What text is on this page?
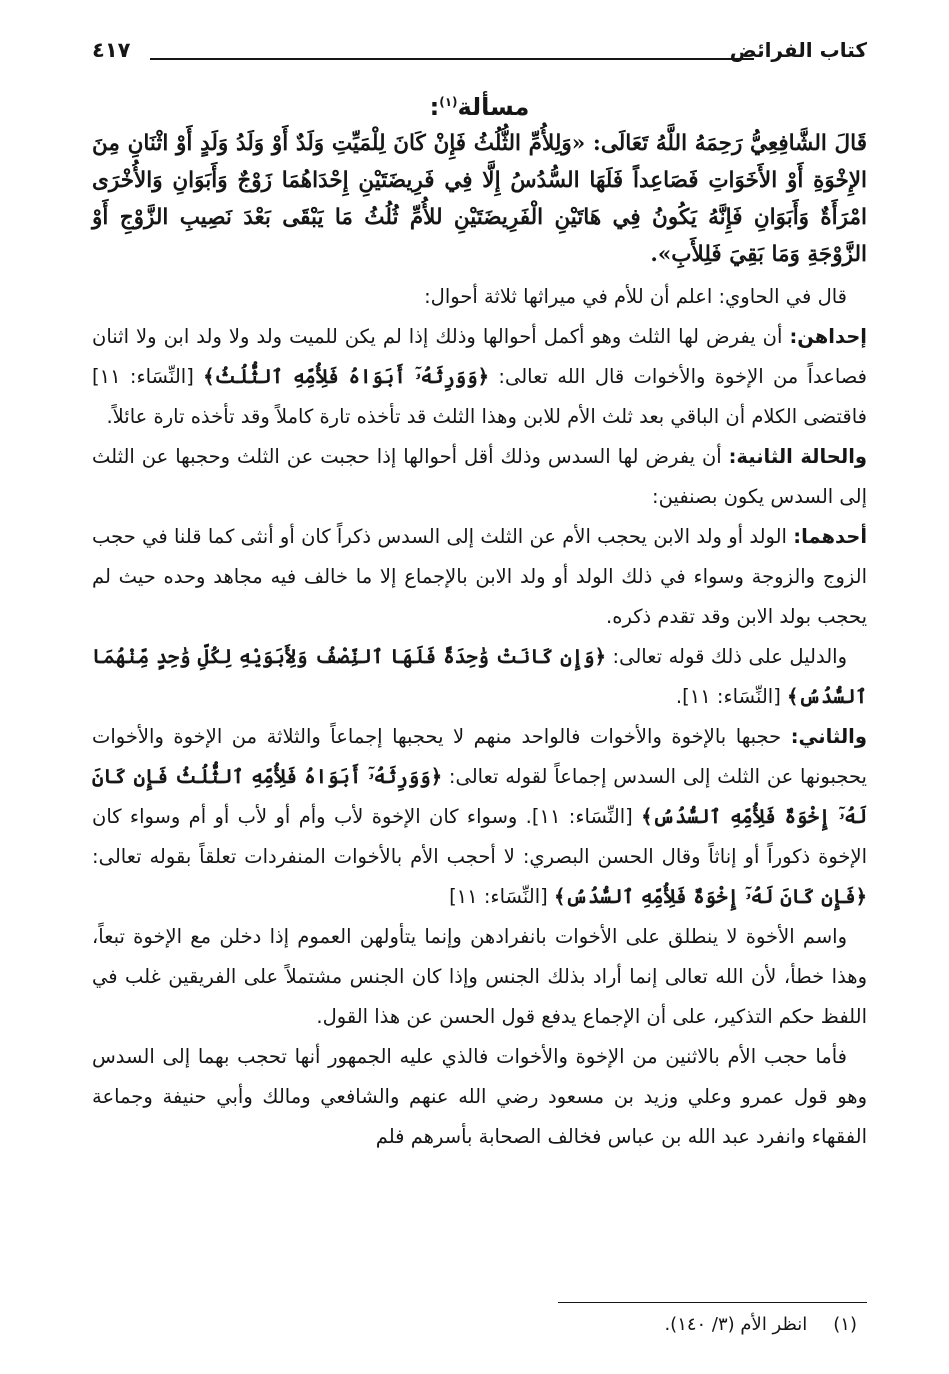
كتاب الفرائض
٤١٧

مسألة$^{(١)}$:

قَالَ الشَّافِعِيُّ رَحِمَهُ اللَّهُ تَعَالَى: «وَلِلأُمِّ الثُّلُثُ فَإِنْ كَانَ لِلْمَيِّتِ وَلَدٌ أَوْ وَلَدُ وَلَدٍ أَوْ اثْنَانِ مِنَ الإِخْوَةِ أَوْ الأَخَوَاتِ فَصَاعِداً فَلَهَا السُّدُسُ إِلَّا فِي فَرِيضَتَيْنِ إِحْدَاهُمَا زَوْجٌ وَأَبَوَانِ وَالأُخْرَى امْرَأَةٌ وَأَبَوَانِ فَإِنَّهُ يَكُونُ فِي هَاتَيْنِ الْفَرِيضَتَيْنِ للأُمِّ ثُلُثُ مَا يَبْقَى بَعْدَ نَصِيبِ الزَّوْجِ أَوْ الزَّوْجَةِ وَمَا بَقِيَ فَلِلأَبِ».

قال في الحاوي: اعلم أن للأم في ميراثها ثلاثة أحوال:

إحداهن: أن يفرض لها الثلث وهو أكمل أحوالها وذلك إذا لم يكن للميت ولد ولا ولد ابن ولا اثنان فصاعداً من الإخوة والأخوات قال الله تعالى: ﴿وَوَرِثَهُۥٓ أَبَوَاهُ فَلِأُمِّهِ ٱلثُّلُثُ﴾ [النِّسَاء: ١١] فاقتضى الكلام أن الباقي بعد ثلث الأم للابن وهذا الثلث قد تأخذه تارة كاملاً وقد تأخذه تارة عائلاً.

والحالة الثانية: أن يفرض لها السدس وذلك أقل أحوالها إذا حجبت عن الثلث وحجبها عن الثلث إلى السدس يكون بصنفين:

أحدهما: الولد أو ولد الابن يحجب الأم عن الثلث إلى السدس ذكراً كان أو أنثى كما قلنا في حجب الزوج والزوجة وسواء في ذلك الولد أو ولد الابن بالإجماع إلا ما خالف فيه مجاهد وحده حيث لم يحجب بولد الابن وقد تقدم ذكره.

والدليل على ذلك قوله تعالى: ﴿وَإِن كَانَتْ وَٰحِدَةً فَلَهَا ٱلنِّصْفُ وَلِأَبَوَيْهِ لِكُلِّ وَٰحِدٍ مِّنْهُمَا ٱلسُّدُسُ﴾ [النِّسَاء: ١١].

والثاني: حجبها بالإخوة والأخوات فالواحد منهم لا يحجبها إجماعاً والثلاثة من الإخوة والأخوات يحجبونها عن الثلث إلى السدس إجماعاً لقوله تعالى: ﴿وَوَرِثَهُۥٓ أَبَوَاهُ فَلِأُمِّهِ ٱلثُّلُثُ فَإِن كَانَ لَهُۥٓ إِخْوَةٌ فَلِأُمِّهِ ٱلسُّدُسُ﴾ [النِّسَاء: ١١]. وسواء كان الإخوة لأب وأم أو لأب أو أم وسواء كان الإخوة ذكوراً أو إناثاً وقال الحسن البصري: لا أحجب الأم بالأخوات المنفردات تعلقاً بقوله تعالى: ﴿فَإِن كَانَ لَهُۥٓ إِخْوَةٌ فَلِأُمِّهِ ٱلسُّدُسُ﴾ [النِّسَاء: ١١]

واسم الأخوة لا ينطلق على الأخوات بانفرادهن وإنما يتأولهن العموم إذا دخلن مع الإخوة تبعاً، وهذا خطأ، لأن الله تعالى إنما أراد بذلك الجنس وإذا كان الجنس مشتملاً على الفريقين غلب في اللفظ حكم التذكير، على أن الإجماع يدفع قول الحسن عن هذا القول.

فأما حجب الأم بالاثنين من الإخوة والأخوات فالذي عليه الجمهور أنها تحجب بهما إلى السدس وهو قول عمرو وعلي وزيد بن مسعود رضي الله عنهم والشافعي ومالك وأبي حنيفة وجماعة الفقهاء وانفرد عبد الله بن عباس فخالف الصحابة بأسرهم فلم

(١)انظر الأم (٣/ ١٤٠).
